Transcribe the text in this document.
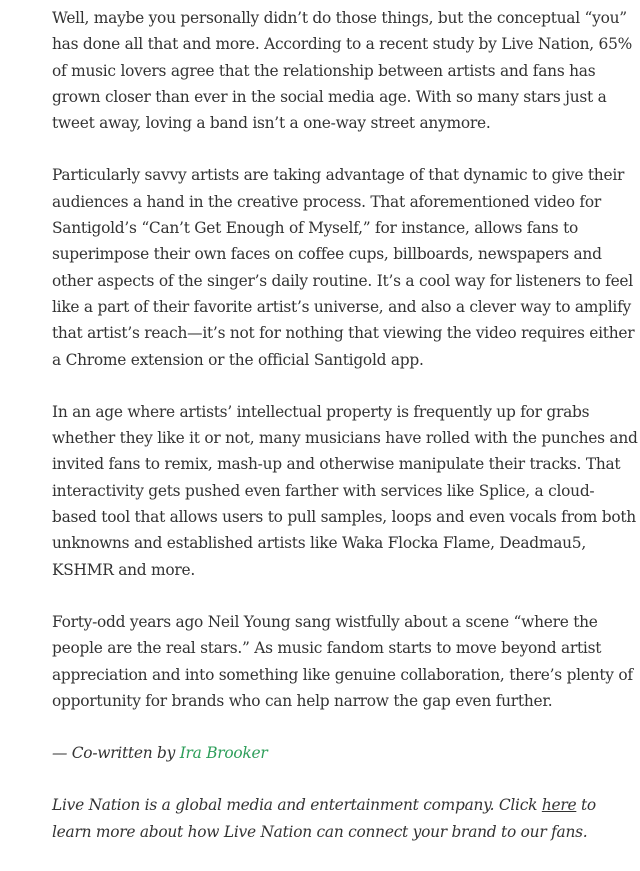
Well, maybe you personally didn’t do those things, but the conceptual “you” has done all that and more. According to a recent study by Live Nation, 65% of music lovers agree that the relationship between artists and fans has grown closer than ever in the social media age. With so many stars just a tweet away, loving a band isn’t a one-way street anymore.

Particularly savvy artists are taking advantage of that dynamic to give their audiences a hand in the creative process. That aforementioned video for Santigold’s “Can’t Get Enough of Myself,” for instance, allows fans to superimpose their own faces on coffee cups, billboards, newspapers and other aspects of the singer’s daily routine. It’s a cool way for listeners to feel like a part of their favorite artist’s universe, and also a clever way to amplify that artist’s reach—it’s not for nothing that viewing the video requires either a Chrome extension or the official Santigold app.

In an age where artists’ intellectual property is frequently up for grabs whether they like it or not, many musicians have rolled with the punches and invited fans to remix, mash-up and otherwise manipulate their tracks. That interactivity gets pushed even farther with services like Splice, a cloud-based tool that allows users to pull samples, loops and even vocals from both unknowns and established artists like Waka Flocka Flame, Deadmau5, KSHMR and more.

Forty-odd years ago Neil Young sang wistfully about a scene “where the people are the real stars.” As music fandom starts to move beyond artist appreciation and into something like genuine collaboration, there’s plenty of opportunity for brands who can help narrow the gap even further.

— Co-written by Ira Brooker

Live Nation is a global media and entertainment company. Click here to learn more about how Live Nation can connect your brand to our fans.
